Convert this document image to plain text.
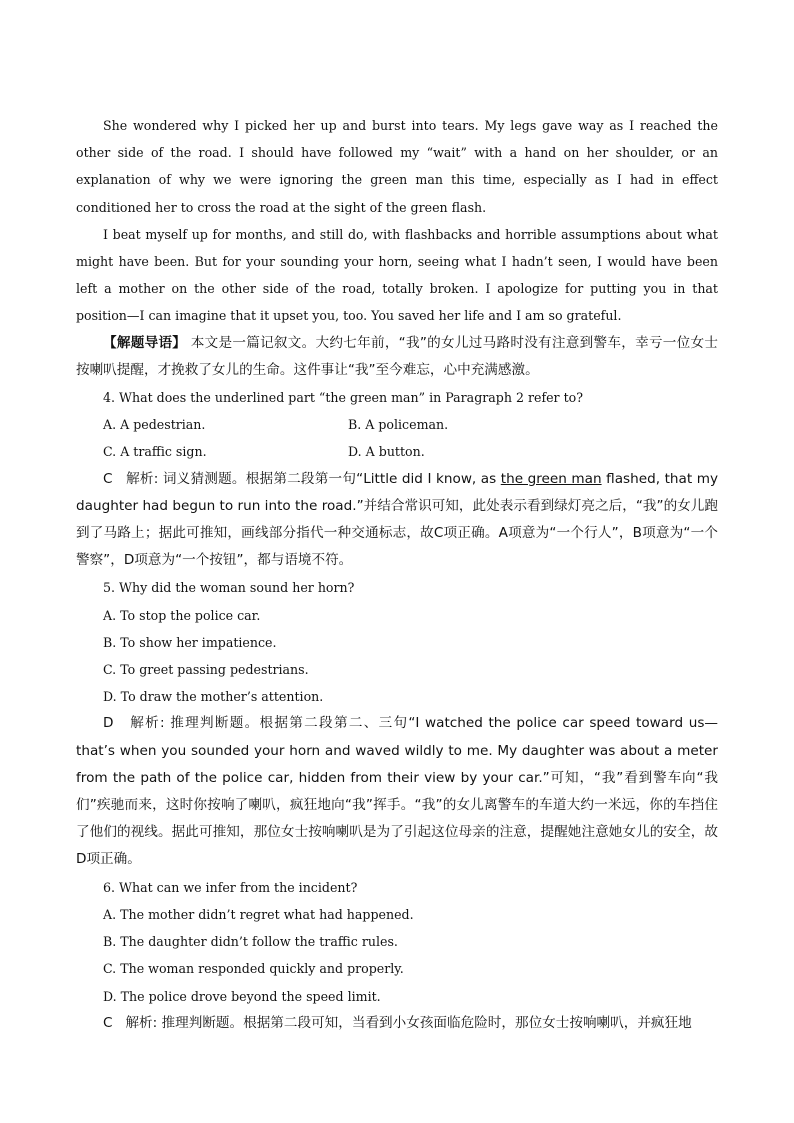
She wondered why I picked her up and burst into tears. My legs gave way as I reached the other side of the road. I should have followed my “wait” with a hand on her shoulder, or an explanation of why we were ignoring the green man this time, especially as I had in effect conditioned her to cross the road at the sight of the green flash.

I beat myself up for months, and still do, with flashbacks and horrible assumptions about what might have been. But for your sounding your horn, seeing what I hadn’t seen, I would have been left a mother on the other side of the road, totally broken. I apologize for putting you in that position—I can imagine that it upset you, too. You saved her life and I am so grateful.

【解题导语】 本文是一篇记叙文。大约七年前，“我”的女儿过马路时没有注意到警车，幸亏一位女士按喇叭提醒，才挽救了女儿的生命。这件事让“我”至今难忘，心中充满感激。

4. What does the underlined part “the green man” in Paragraph 2 refer to?

A. A pedestrian.	B. A policeman.
C. A traffic sign.	D. A button.

C 解析: 词义猜测题。根据第二段第一句“Little did I know, as the green man flashed, that my daughter had begun to run into the road.”并结合常识可知，此处表示看到绿灯亮之后，“我”的女儿跑到了马路上；据此可推知，画线部分指代一种交通标志，故C项正确。A项意为“一个行人”，B项意为“一个警察”，D项意为“一个按钮”，都与语境不符。

5. Why did the woman sound her horn?

A. To stop the police car.

B. To show her impatience.

C. To greet passing pedestrians.

D. To draw the mother’s attention.

D 解析: 推理判断题。根据第二段第二、三句“I watched the police car speed toward us—that’s when you sounded your horn and waved wildly to me. My daughter was about a meter from the path of the police car, hidden from their view by your car.”可知，“我”看到警车向“我们”疾驰而来，这时你按响了喇叭，疯狂地向“我”挥手。“我”的女儿离警车的车道大约一米远，你的车挡住了他们的视线。据此可推知，那位女士按响喇叭是为了引起这位母亲的注意，提醒她注意她女儿的安全，故D项正确。

6. What can we infer from the incident?

A. The mother didn’t regret what had happened.

B. The daughter didn’t follow the traffic rules.

C. The woman responded quickly and properly.

D. The police drove beyond the speed limit.

C 解析: 推理判断题。根据第二段可知，当看到小女孩面临危险时，那位女士按响喇叭，并疯狂地
